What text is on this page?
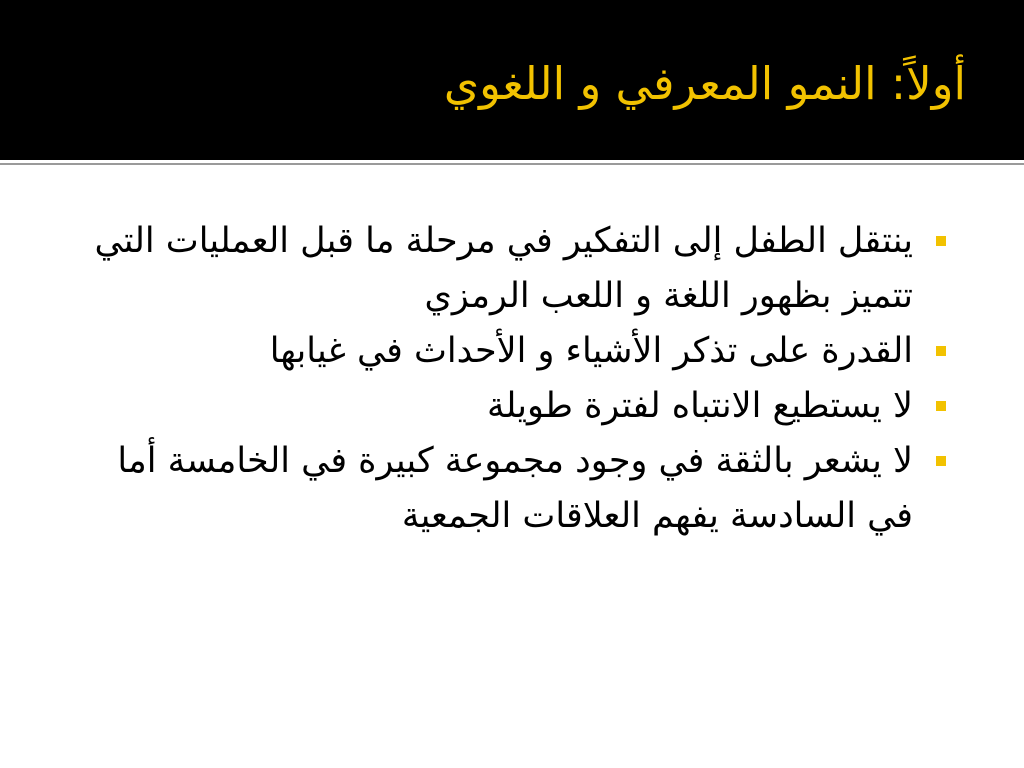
أولاً: النمو المعرفي و اللغوي
ينتقل الطفل إلى التفكير في مرحلة ما قبل العمليات التي تتميز بظهور اللغة و اللعب الرمزي
القدرة على تذكر الأشياء و الأحداث في غيابها
لا يستطيع الانتباه لفترة طويلة
لا يشعر بالثقة في وجود مجموعة كبيرة في الخامسة أما في السادسة يفهم العلاقات الجمعية
